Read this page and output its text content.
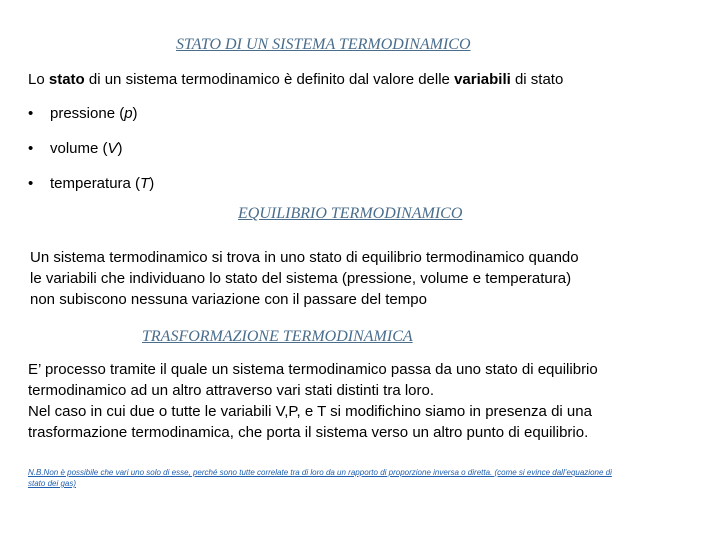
STATO DI UN SISTEMA TERMODINAMICO

Lo stato di un sistema termodinamico è definito dal valore delle variabili di stato

• pressione (p)
• volume (V)
• temperatura (T)
EQUILIBRIO TERMODINAMICO

Un sistema termodinamico si trova in uno stato di equilibrio termodinamico quando
le variabili che individuano lo stato del sistema (pressione, volume e temperatura)
non subiscono nessuna variazione con il passare del tempo

TRASFORMAZIONE TERMODINAMICA

E’ processo tramite il quale un sistema termodinamico passa da uno stato di equilibrio
termodinamico ad un altro attraverso vari stati distinti tra loro.
Nel caso in cui due o tutte le variabili V,P, e T si modifichino siamo in presenza di una
trasformazione termodinamica, che porta il sistema verso un altro punto di equilibrio.

N.B.Non è possibile che vari uno solo di esse, perché sono tutte correlate tra di loro da un rapporto di proporzione inversa o diretta. (come si evince dall’equazione di
stato dei gas)
